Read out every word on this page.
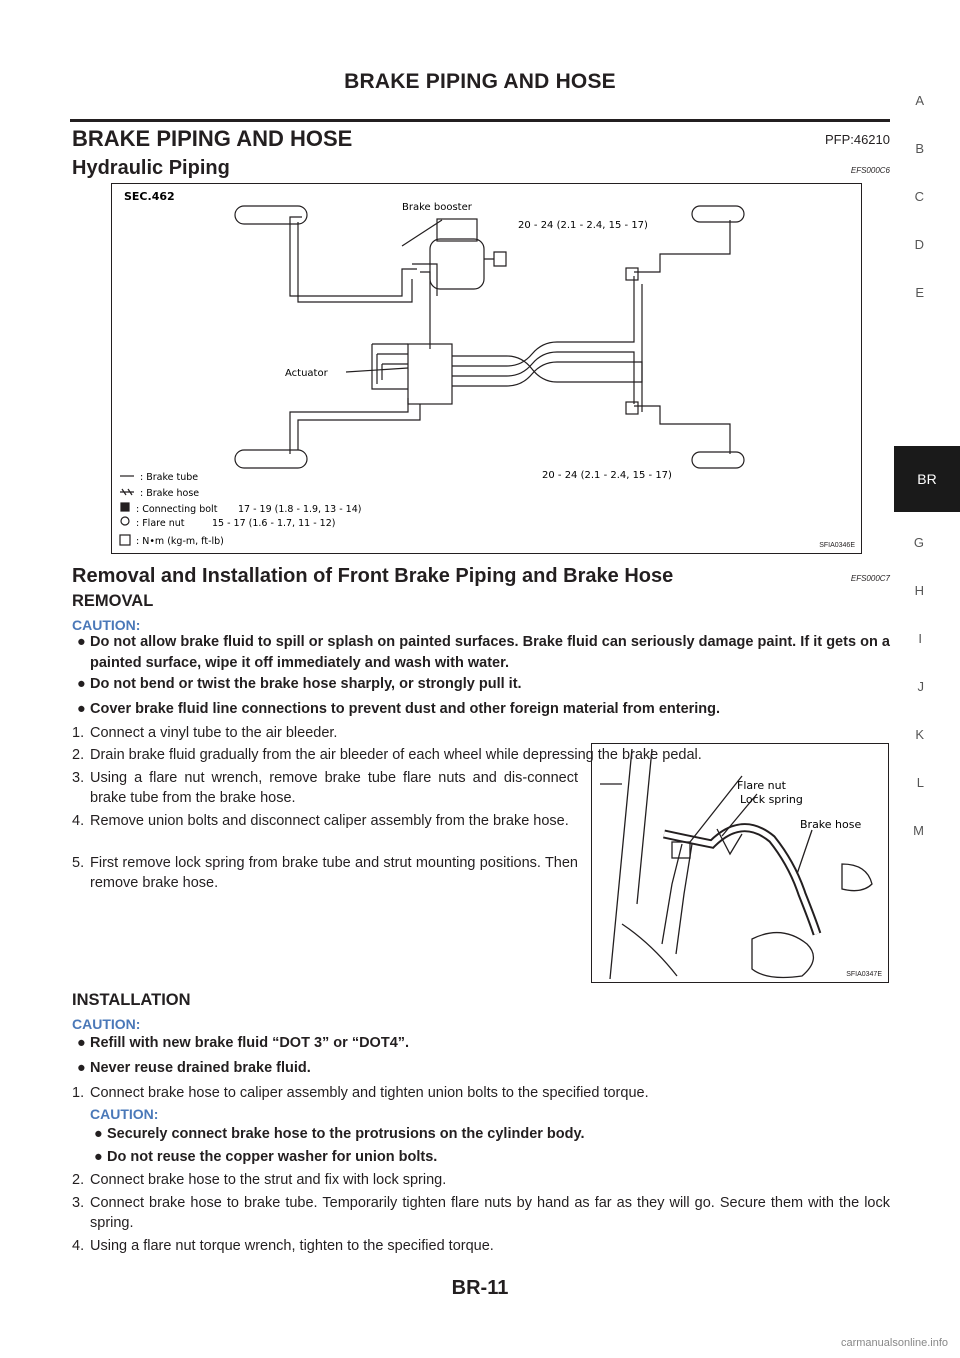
BRAKE PIPING AND HOSE
BRAKE PIPING AND HOSE	PFP:46210
Hydraulic Piping	EFS000C6
SEC.462
Brake booster
20 - 24 (2.1 - 2.4, 15 - 17)
Actuator
20 - 24 (2.1 - 2.4, 15 - 17)
: Brake tube
: Brake hose
: Connecting bolt 17 - 19 (1.8 - 1.9, 13 - 14)
: Flare nut	15 - 17 (1.6 - 1.7, 11 - 12)
: N•m (kg-m, ft-lb)	SFIA0346E
Removal and Installation of Front Brake Piping and Brake Hose	EFS000C7
REMOVAL
CAUTION:
● Do not allow brake fluid to spill or splash on painted surfaces. Brake fluid can seriously damage paint. If it gets on a painted surface, wipe it off immediately and wash with water.
● Do not bend or twist the brake hose sharply, or strongly pull it.
● Cover brake fluid line connections to prevent dust and other foreign material from entering.
1. Connect a vinyl tube to the air bleeder.
2. Drain brake fluid gradually from the air bleeder of each wheel while depressing the brake pedal.
3. Using a flare nut wrench, remove brake tube flare nuts and dis-connect brake tube from the brake hose.
4. Remove union bolts and disconnect caliper assembly from the brake hose.
5. First remove lock spring from brake tube and strut mounting positions. Then remove brake hose.
Flare nut
Lock spring
Brake hose
SFIA0347E
INSTALLATION
CAUTION:
● Refill with new brake fluid “DOT 3” or “DOT4”.
● Never reuse drained brake fluid.
1. Connect brake hose to caliper assembly and tighten union bolts to the specified torque.
CAUTION:
● Securely connect brake hose to the protrusions on the cylinder body.
● Do not reuse the copper washer for union bolts.
2. Connect brake hose to the strut and fix with lock spring.
3. Connect brake hose to brake tube. Temporarily tighten flare nuts by hand as far as they will go. Secure them with the lock spring.
4. Using a flare nut torque wrench, tighten to the specified torque.
A
B
C
D
E
BR
G
H
I
J
K
L
M
BR-11
carmanualsonline.info
